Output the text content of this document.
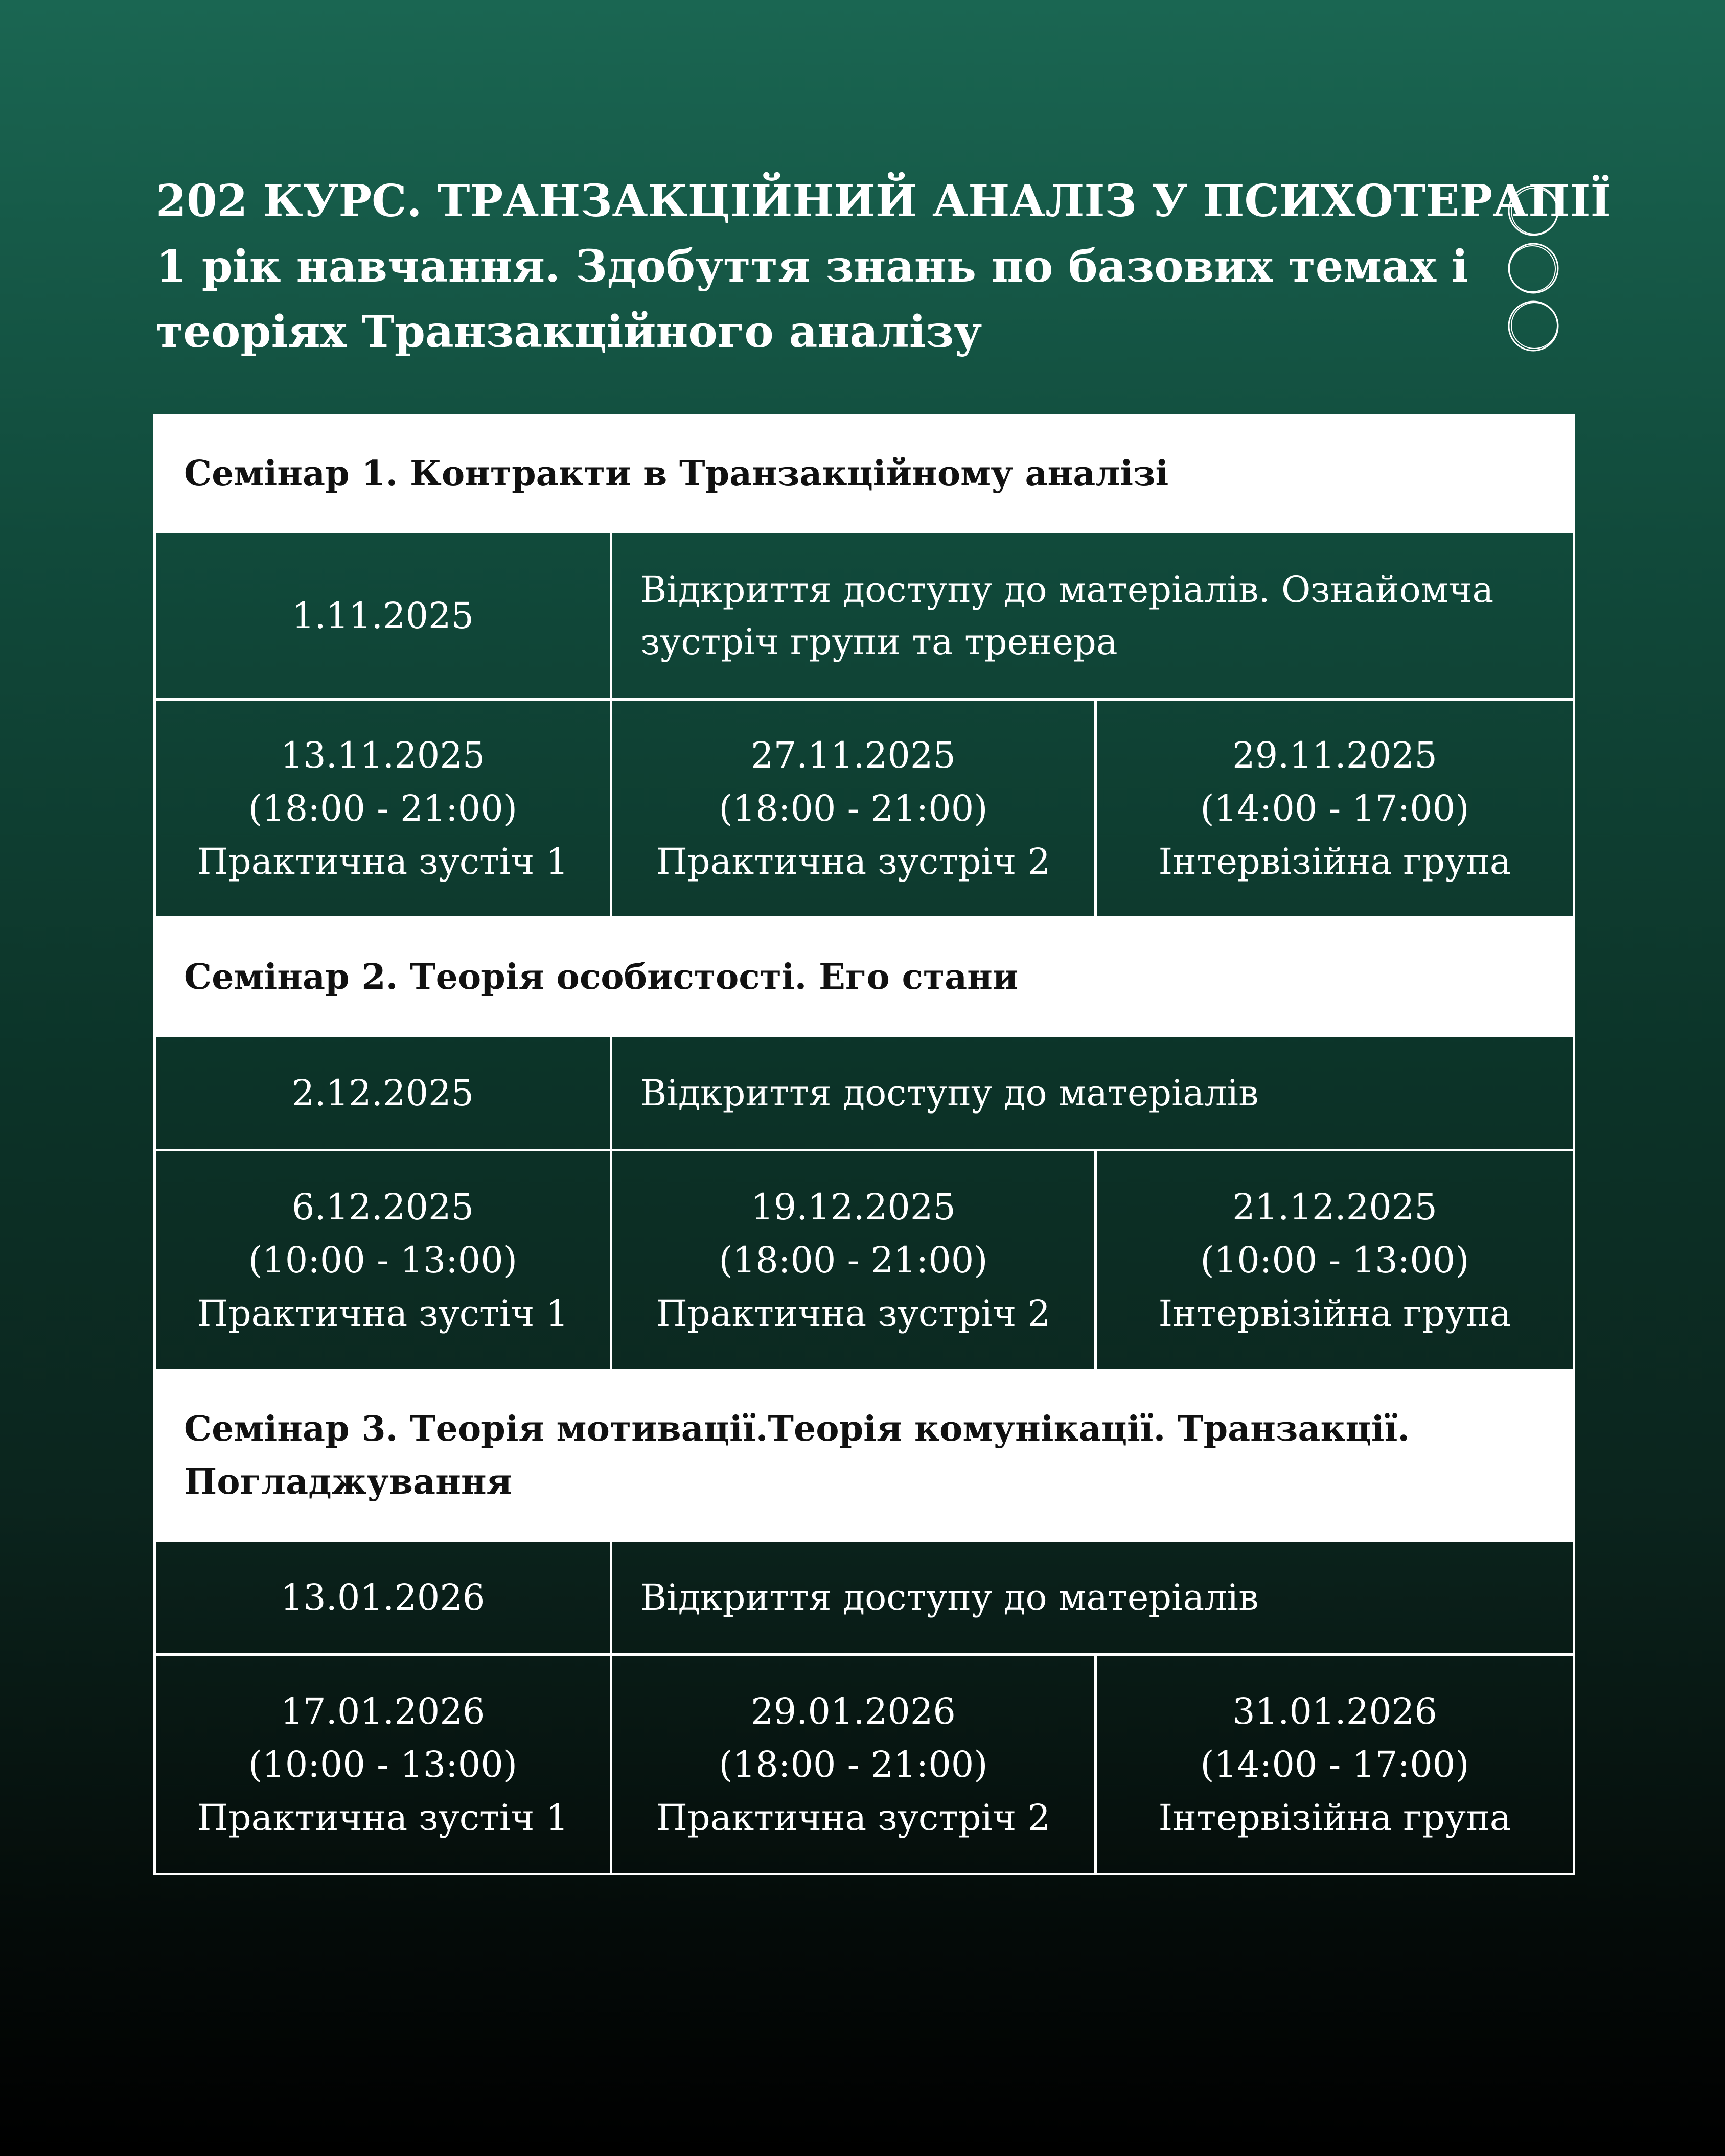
202 КУРС. ТРАНЗАКЦІЙНИЙ АНАЛІЗ У ПСИХОТЕРАПІЇ
1 рік навчання. Здобуття знань по базових темах і
теоріях Транзакційного аналізу
Семінар 1. Контракти в Транзакційному аналізі		

1.11.2025	Відкриття доступу до матеріалів. Ознайомча
зустріч групи та тренера	

13.11.2025
(18:00 - 21:00)
Практична зустіч 1	27.11.2025
(18:00 - 21:00)
Практична зустріч 2	29.11.2025
(14:00 - 17:00)
Інтервізійна група

Семінар 2. Теорія особистості. Его стани		

2.12.2025	Відкриття доступу до матеріалів	

6.12.2025
(10:00 - 13:00)
Практична зустіч 1	19.12.2025
(18:00 - 21:00)
Практична зустріч 2	21.12.2025
(10:00 - 13:00)
Інтервізійна група

Семінар 3. Теорія мотивації.Теорія комунікації. Транзакції.
Погладжування		

13.01.2026	Відкриття доступу до матеріалів	

17.01.2026
(10:00 - 13:00)
Практична зустіч 1	29.01.2026
(18:00 - 21:00)
Практична зустріч 2	31.01.2026
(14:00 - 17:00)
Інтервізійна група
